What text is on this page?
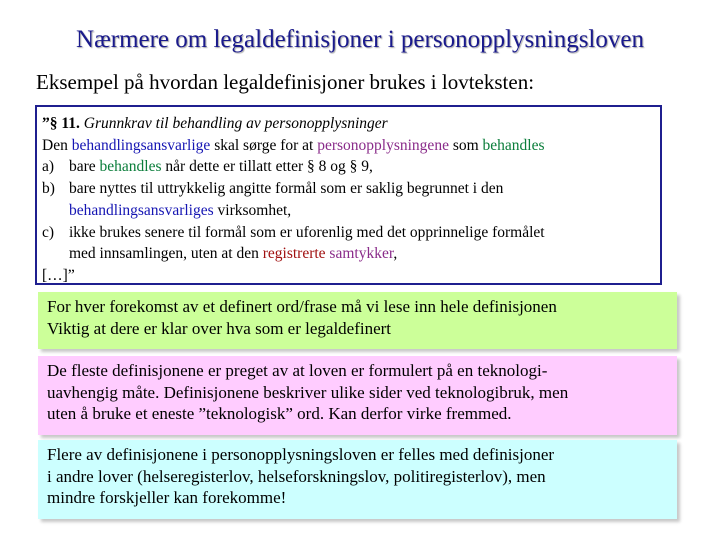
Nærmere om legaldefinisjoner i personopplysningsloven
Eksempel på hvordan legaldefinisjoner brukes i lovteksten:
”§ 11. Grunnkrav til behandling av personopplysninger
Den behandlingsansvarlige skal sørge for at personopplysningene som behandles
a) bare behandles når dette er tillatt etter § 8 og § 9,
b) bare nyttes til uttrykkelig angitte formål som er saklig begrunnet i den
behandlingsansvarliges virksomhet,
c) ikke brukes senere til formål som er uforenlig med det opprinnelige formålet
med innsamlingen, uten at den registrerte samtykker,
[…]”
For hver forekomst av et definert ord/frase må vi lese inn hele definisjonen
Viktig at dere er klar over hva som er legaldefinert
De fleste definisjonene er preget av at loven er formulert på en teknologi-
uavhengig måte. Definisjonene beskriver ulike sider ved teknologibruk, men
uten å bruke et eneste ”teknologisk” ord. Kan derfor virke fremmed.
Flere av definisjonene i personopplysningsloven er felles med definisjoner
i andre lover (helseregisterlov, helseforskningslov, politiregisterlov), men
mindre forskjeller kan forekomme!
